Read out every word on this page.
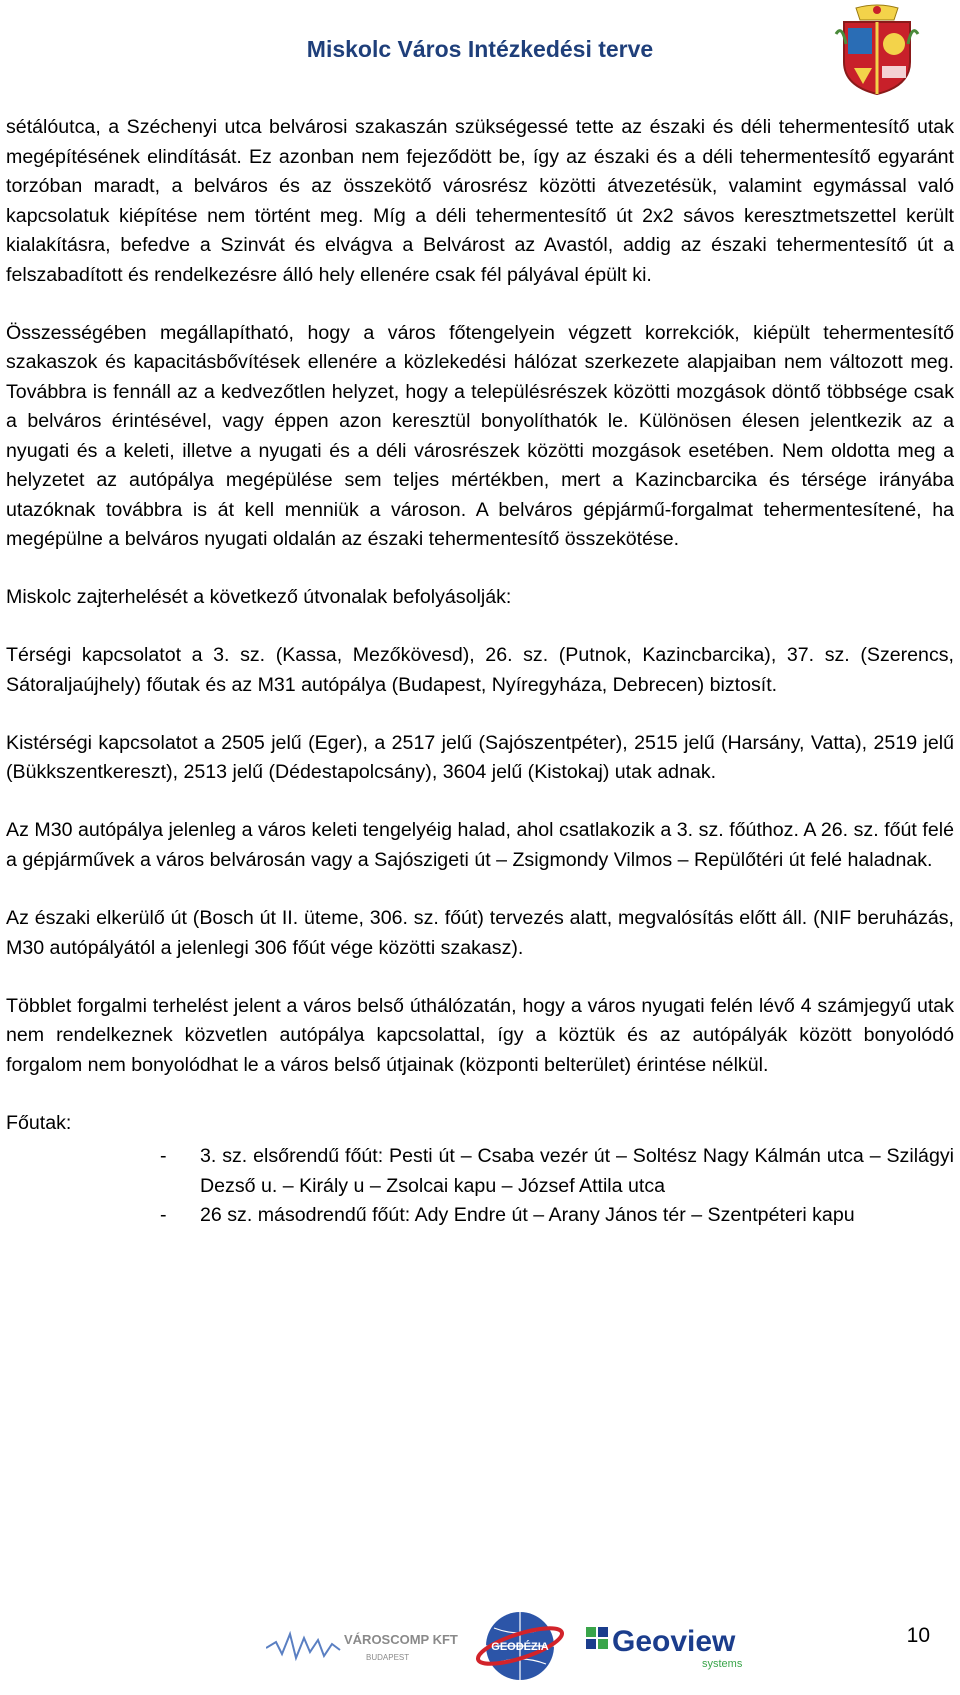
Miskolc Város Intézkedési terve

sétálóutca, a Széchenyi utca belvárosi szakaszán szükségessé tette az északi és déli tehermentesítő utak megépítésének elindítását. Ez azonban nem fejeződött be, így az északi és a déli tehermentesítő egyaránt torzóban maradt, a belváros és az összekötő városrész közötti átvezetésük, valamint egymással való kapcsolatuk kiépítése nem történt meg. Míg a déli tehermentesítő út 2x2 sávos keresztmetszettel került kialakításra, befedve a Szinvát és elvágva a Belvárost az Avastól, addig az északi tehermentesítő út a felszabadított és rendelkezésre álló hely ellenére csak fél pályával épült ki.

Összességében megállapítható, hogy a város főtengelyein végzett korrekciók, kiépült tehermentesítő szakaszok és kapacitásbővítések ellenére a közlekedési hálózat szerkezete alapjaiban nem változott meg. Továbbra is fennáll az a kedvezőtlen helyzet, hogy a településrészek közötti mozgások döntő többsége csak a belváros érintésével, vagy éppen azon keresztül bonyolíthatók le. Különösen élesen jelentkezik az a nyugati és a keleti, illetve a nyugati és a déli városrészek közötti mozgások esetében. Nem oldotta meg a helyzetet az autópálya megépülése sem teljes mértékben, mert a Kazincbarcika és térsége irányába utazóknak továbbra is át kell menniük a városon. A belváros gépjármű-forgalmat tehermentesítené, ha megépülne a belváros nyugati oldalán az északi tehermentesítő összekötése.

Miskolc zajterhelését a következő útvonalak befolyásolják:

Térségi kapcsolatot a 3. sz. (Kassa, Mezőkövesd), 26. sz. (Putnok, Kazincbarcika), 37. sz. (Szerencs, Sátoraljaújhely) főutak és az M31 autópálya (Budapest, Nyíregyháza, Debrecen) biztosít.

Kistérségi kapcsolatot a 2505 jelű (Eger), a 2517 jelű (Sajószentpéter), 2515 jelű (Harsány, Vatta), 2519 jelű (Bükkszentkereszt), 2513 jelű (Dédestapolcsány), 3604 jelű (Kistokaj) utak adnak.

Az M30 autópálya jelenleg a város keleti tengelyéig halad, ahol csatlakozik a 3. sz. főúthoz. A 26. sz. főút felé a gépjárművek a város belvárosán vagy a Sajószigeti út – Zsigmondy Vilmos – Repülőtéri út felé haladnak.

Az északi elkerülő út (Bosch út II. üteme, 306. sz. főút) tervezés alatt, megvalósítás előtt áll. (NIF beruházás, M30 autópályától a jelenlegi 306 főút vége közötti szakasz).

Többlet forgalmi terhelést jelent a város belső úthálózatán, hogy a város nyugati felén lévő 4 számjegyű utak nem rendelkeznek közvetlen autópálya kapcsolattal, így a köztük és az autópályák között bonyolódó forgalom nem bonyolódhat le a város belső útjainak (központi belterület) érintése nélkül.

Főutak:

- 3. sz. elsőrendű főút: Pesti út – Csaba vezér út – Soltész Nagy Kálmán utca – Szilágyi Dezső u. – Király u – Zsolcai kapu – József Attila utca
- 26 sz. másodrendű főút: Ady Endre út – Arany János tér – Szentpéteri kapu
VÁROSCOMP KFT
BUDAPEST
GEODÉZIA Geoview
systems
10
